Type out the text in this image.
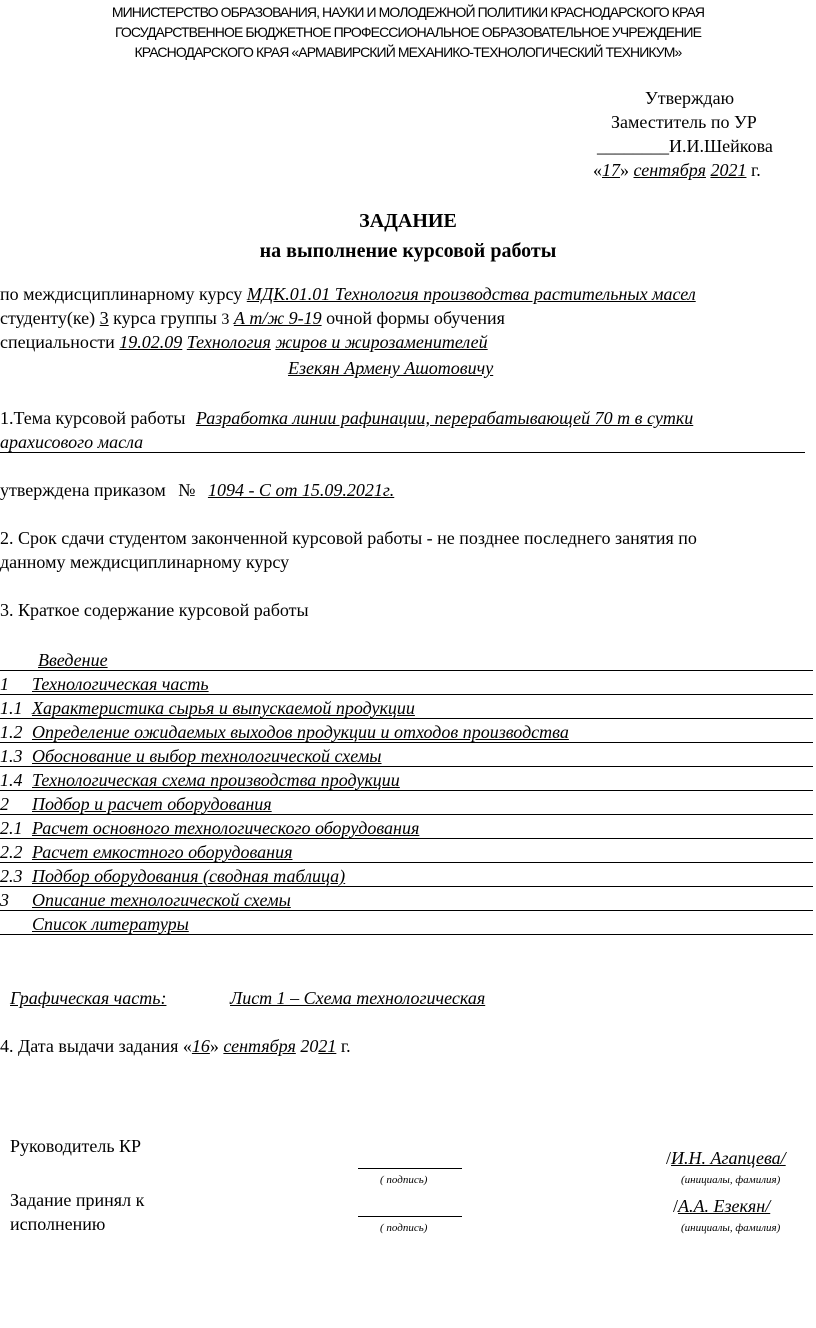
МИНИСТЕРСТВО ОБРАЗОВАНИЯ, НАУКИ И МОЛОДЕЖНОЙ ПОЛИТИКИ КРАСНОДАРСКОГО КРАЯ
ГОСУДАРСТВЕННОЕ БЮДЖЕТНОЕ ПРОФЕССИОНАЛЬНОЕ ОБРАЗОВАТЕЛЬНОЕ УЧРЕЖДЕНИЕ
КРАСНОДАРСКОГО КРАЯ «АРМАВИРСКИЙ МЕХАНИКО-ТЕХНОЛОГИЧЕСКИЙ ТЕХНИКУМ»
Утверждаю
Заместитель по УР
________И.И.Шейкова
«17» сентября 2021 г.
ЗАДАНИЕ
на выполнение курсовой работы
по междисциплинарному курсу МДК.01.01 Технология производства растительных масел
студенту(ке) 3 курса группы 3 А т/ж 9-19 очной формы обучения
специальности 19.02.09 Технология жиров и жирозаменителей
Езекян Армену Ашотовичу
1.Тема курсовой работы Разработка линии рафинации, перерабатывающей 70 т в сутки
арахисового масла
утверждена приказом № 1094 - С от 15.09.2021г.
2. Срок сдачи студентом законченной курсовой работы - не позднее последнего занятия по
данному междисциплинарному курсу
3. Краткое содержание курсовой работы
Введение
1 Технологическая часть
1.1 Характеристика сырья и выпускаемой продукции
1.2 Определение ожидаемых выходов продукции и отходов производства
1.3 Обоснование и выбор технологической схемы
1.4 Технологическая схема производства продукции
2 Подбор и расчет оборудования
2.1 Расчет основного технологического оборудования
2.2 Расчет емкостного оборудования
2.3 Подбор оборудования (сводная таблица)
3 Описание технологической схемы
Список литературы
Графическая часть:	Лист 1 – Схема технологическая
4. Дата выдачи задания «16» сентября 2021 г.
Руководитель КР
( подпись)
/И.Н. Агапцева/
(инициалы, фамилия)
Задание принял к
исполнению	( подпись)
/А.А. Езекян/
(инициалы, фамилия)
